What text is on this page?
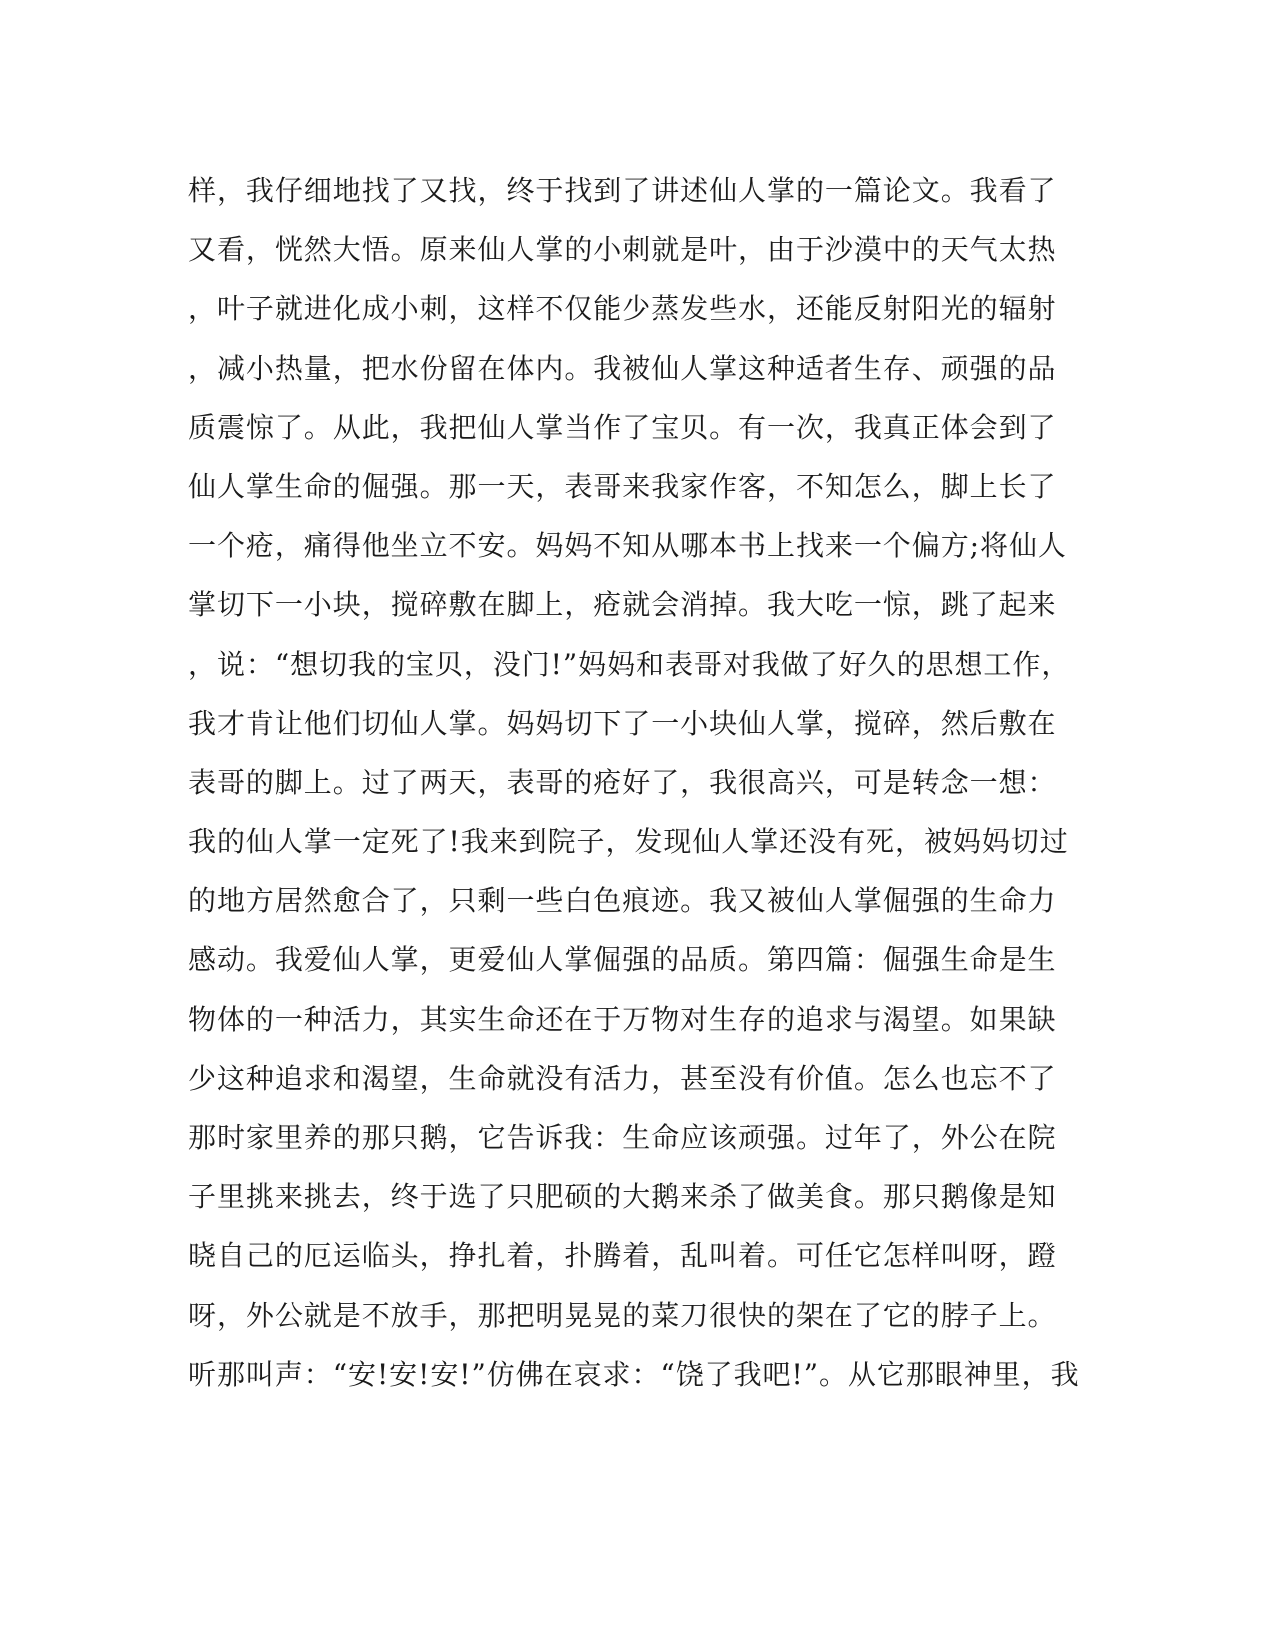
样，我仔细地找了又找，终于找到了讲述仙人掌的一篇论文。我看了
又看，恍然大悟。原来仙人掌的小刺就是叶，由于沙漠中的天气太热
，叶子就进化成小刺，这样不仅能少蒸发些水，还能反射阳光的辐射
，减小热量，把水份留在体内。我被仙人掌这种适者生存、顽强的品
质震惊了。从此，我把仙人掌当作了宝贝。有一次，我真正体会到了
仙人掌生命的倔强。那一天，表哥来我家作客，不知怎么，脚上长了
一个疮，痛得他坐立不安。妈妈不知从哪本书上找来一个偏方;将仙人
掌切下一小块，搅碎敷在脚上，疮就会消掉。我大吃一惊，跳了起来
，说：“想切我的宝贝，没门!”妈妈和表哥对我做了好久的思想工作，
我才肯让他们切仙人掌。妈妈切下了一小块仙人掌，搅碎，然后敷在
表哥的脚上。过了两天，表哥的疮好了，我很高兴，可是转念一想：
我的仙人掌一定死了!我来到院子，发现仙人掌还没有死，被妈妈切过
的地方居然愈合了，只剩一些白色痕迹。我又被仙人掌倔强的生命力
感动。我爱仙人掌，更爱仙人掌倔强的品质。第四篇：倔强生命是生
物体的一种活力，其实生命还在于万物对生存的追求与渴望。如果缺
少这种追求和渴望，生命就没有活力，甚至没有价值。怎么也忘不了
那时家里养的那只鹅，它告诉我：生命应该顽强。过年了，外公在院
子里挑来挑去，终于选了只肥硕的大鹅来杀了做美食。那只鹅像是知
晓自己的厄运临头，挣扎着，扑腾着，乱叫着。可任它怎样叫呀，蹬
呀，外公就是不放手，那把明晃晃的菜刀很快的架在了它的脖子上。
听那叫声：“安!安!安!”仿佛在哀求：“饶了我吧!”。从它那眼神里，我
